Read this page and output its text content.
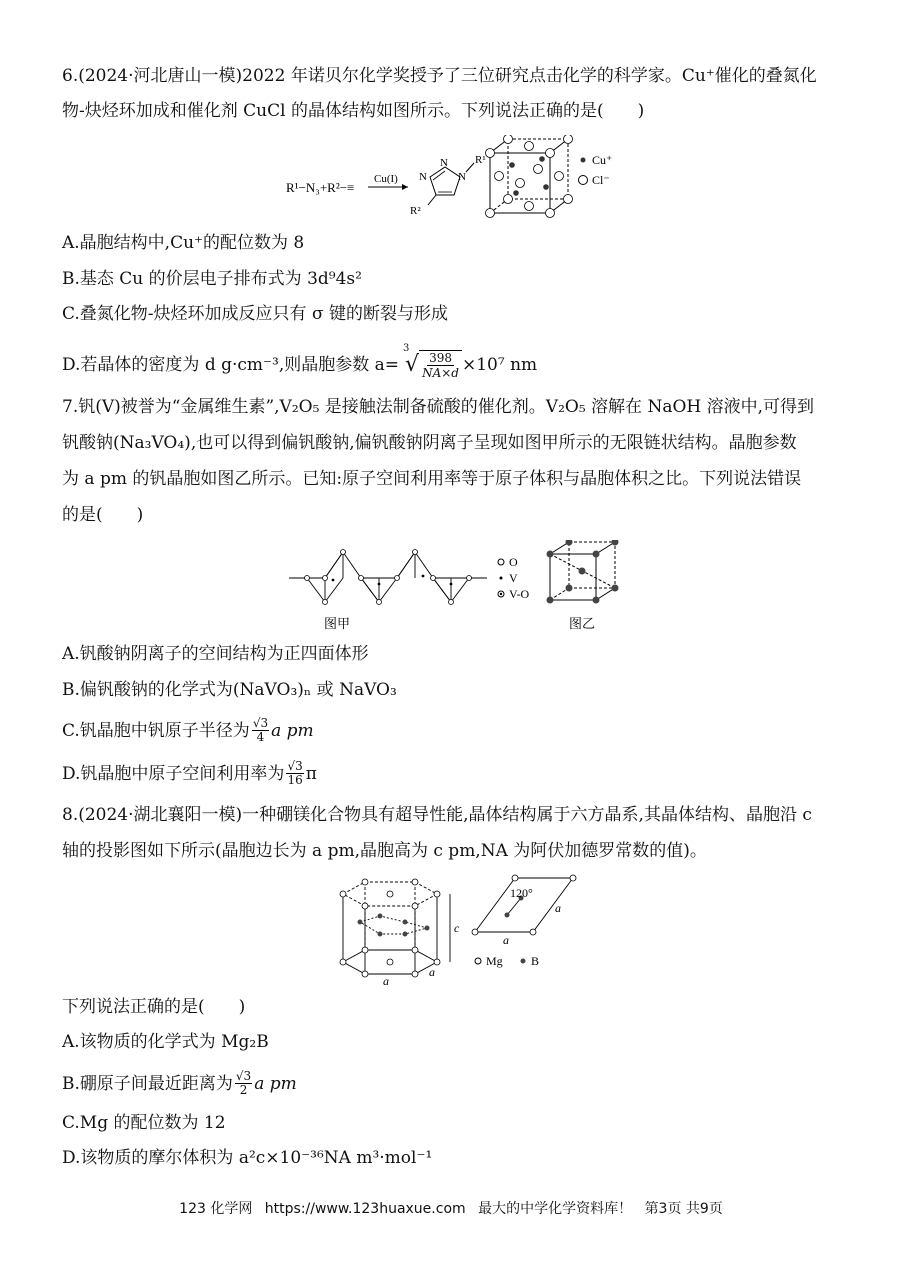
6.(2024·河北唐山一模)2022 年诺贝尔化学奖授予了三位研究点击化学的科学家。Cu⁺催化的叠氮化
物-炔烃环加成和催化剂 CuCl 的晶体结构如图所示。下列说法正确的是(　　)
R¹−N₃+R²−≡
Cu(I) N
N
N
R¹
R²
Cu⁺
Cl⁻
A.晶胞结构中,Cu⁺的配位数为 8
B.基态 Cu 的价层电子排布式为 3d⁹4s²
C.叠氮化物-炔烃环加成反应只有 σ 键的断裂与形成
D.若晶体的密度为 d g·cm⁻³,则晶胞参数 a=
3
√ 398
NA×d ×10⁷ nm
7.钒(V)被誉为“金属维生素”,V₂O₅ 是接触法制备硫酸的催化剂。V₂O₅ 溶解在 NaOH 溶液中,可得到
钒酸钠(Na₃VO₄),也可以得到偏钒酸钠,偏钒酸钠阴离子呈现如图甲所示的无限链状结构。晶胞参数
为 a pm 的钒晶胞如图乙所示。已知:原子空间利用率等于原子体积与晶胞体积之比。下列说法错误
的是(　　)
图甲
O
V
V-O
图乙
A.钒酸钠阴离子的空间结构为正四面体形
B.偏钒酸钠的化学式为(NaVO₃)ₙ 或 NaVO₃
C.钒晶胞中钒原子半径为 √3
4 a pm
D.钒晶胞中原子空间利用率为 √3
16 π
8.(2024·湖北襄阳一模)一种硼镁化合物具有超导性能,晶体结构属于六方晶系,其晶体结构、晶胞沿 c
轴的投影图如下所示(晶胞边长为 a pm,晶胞高为 c pm,NA 为阿伏加德罗常数的值)。
c
a
a
120°
a
a
Mg B
下列说法正确的是(　　)
A.该物质的化学式为 Mg₂B
B.硼原子间最近距离为 √3
2 a pm
C.Mg 的配位数为 12
D.该物质的摩尔体积为 a²c×10⁻³⁶NA m³·mol⁻¹
123 化学网 https://www.123huaxue.com 最大的中学化学资料库！ 第3页 共9页
